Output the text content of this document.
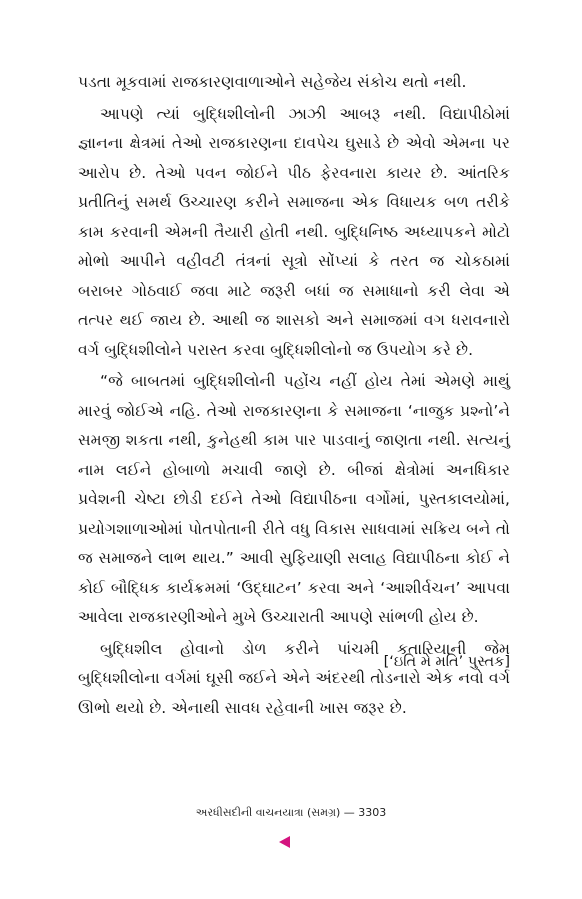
પડતા મૂકવામાં રાજકારણવાળાઓને સહેજેય સંકોચ થતો નથી.

આપણે ત્યાં બુદ્ધિશીલોની ઝાઝી આબરૂ નથી. વિદ્યાપીઠોમાં જ્ઞાનના ક્ષેત્રમાં તેઓ રાજકારણના દાવપેચ ઘુસાડે છે એવો એમના પર આરોપ છે. તેઓ પવન જોઈને પીઠ ફેરવનારા કાયર છે. આંતરિક પ્રતીતિનું સમર્થ ઉચ્ચારણ કરીને સમાજના એક વિધાયક બળ તરીકે કામ કરવાની એમની તૈયારી હોતી નથી. બુદ્ધિનિષ્ઠ અધ્યાપકને મોટો મોભો આપીને વહીવટી તંત્રનાં સૂત્રો સોંપ્યાં કે તરત જ ચોકઠામાં બરાબર ગોઠવાઈ જવા માટે જરૂરી બધાં જ સમાધાનો કરી લેવા એ તત્પર થઈ જાય છે. આથી જ શાસકો અને સમાજમાં વગ ધરાવનારો વર્ગ બુદ્ધિશીલોને પરાસ્ત કરવા બુદ્ધિશીલોનો જ ઉપયોગ કરે છે.

“જે બાબતમાં બુદ્ધિશીલોની પહોંચ નહીં હોય તેમાં એમણે માથું મારવું જોઈએ નહિ. તેઓ રાજકારણના કે સમાજના ‘નાજુક પ્રશ્નો’ને સમજી શકતા નથી, કુનેહથી કામ પાર પાડવાનું જાણતા નથી. સત્યનું નામ લઈને હોબાળો મચાવી જાણે છે. બીજાં ક્ષેત્રોમાં અનધિકાર પ્રવેશની ચેષ્ટા છોડી દઈને તેઓ વિદ્યાપીઠના વર્ગોમાં, પુસ્તકાલયોમાં, પ્રયોગશાળાઓમાં પોતપોતાની રીતે વધુ વિકાસ સાધવામાં સક્રિય બને તો જ સમાજને લાભ થાય.” આવી સુફિયાણી સલાહ વિદ્યાપીઠના કોઈ ને કોઈ બૌદ્ધિક કાર્યક્રમમાં ‘ઉદ્ઘાટન’ કરવા અને ‘આશીર્વચન’ આપવા આવેલા રાજકારણીઓને મુખે ઉચ્ચારાતી આપણે સાંભળી હોય છે.

બુદ્ધિશીલ હોવાનો ડોળ કરીને પાંચમી કતારિયાની જેમ બુદ્ધિશીલોના વર્ગમાં ઘૂસી જઈને એને અંદરથી તોડનારો એક નવો વર્ગ ઊભો થયો છે. એનાથી સાવધ રહેવાની ખાસ જરૂર છે.

[‘ઇતિ મે મતિ’ પુસ્તક]
અરધીસદીની વાચનયાત્રા (સમગ્ર) — 3303
